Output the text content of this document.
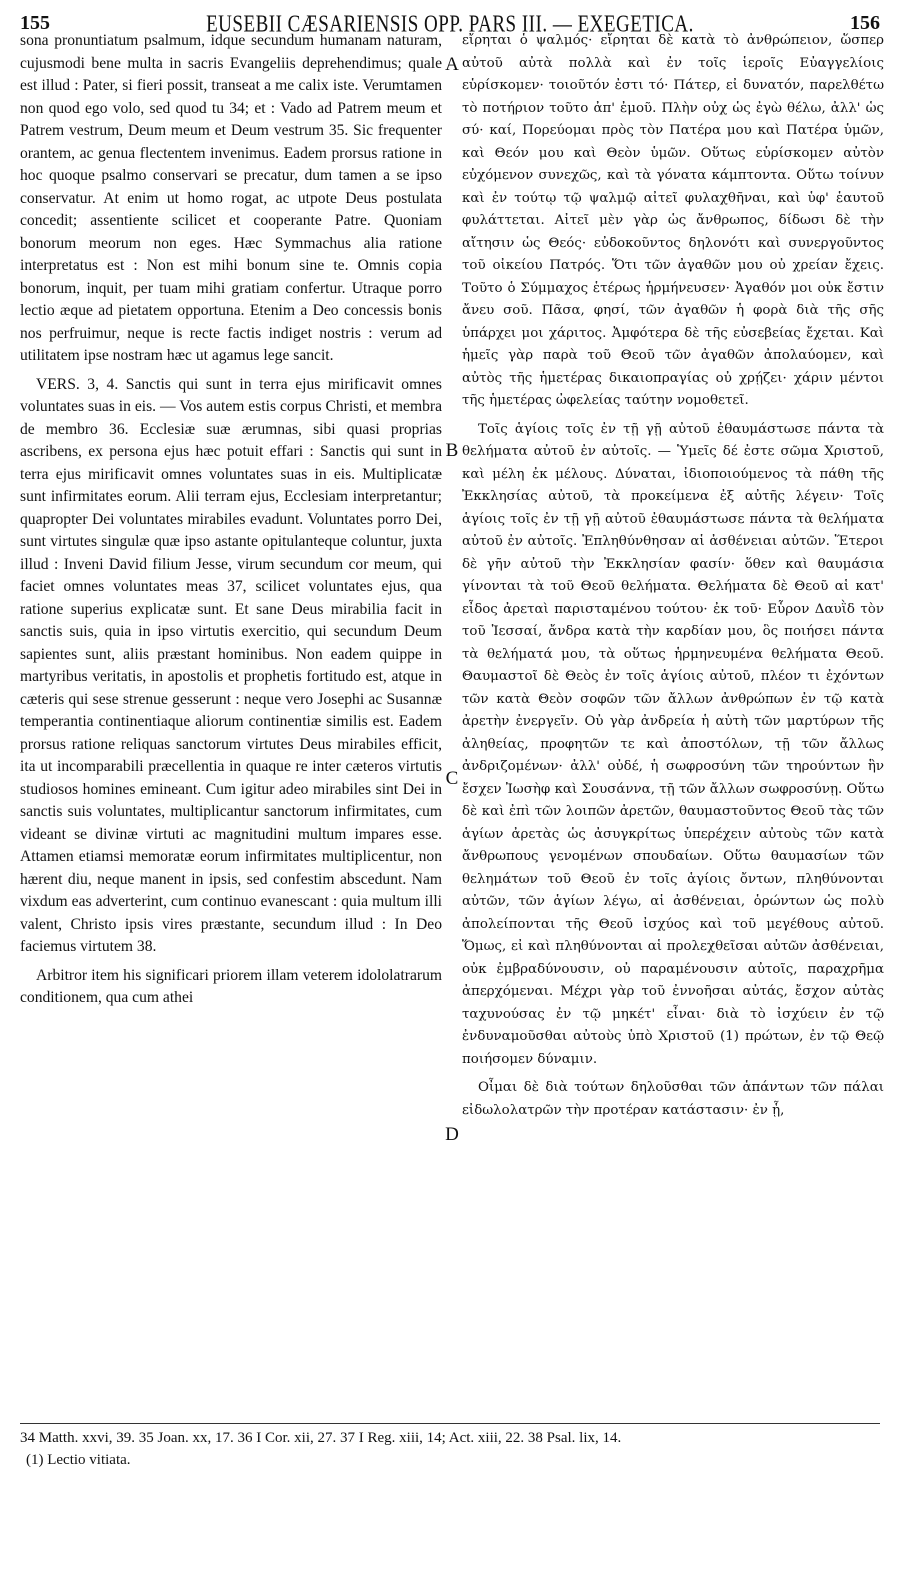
155	EUSEBII CÆSARIENSIS OPP. PARS III. — EXEGETICA.	156

sona pronuntiatum psalmum, idque secundum humanam naturam, cujusmodi bene multa in sacris Evangeliis deprehendimus; quale est illud : Pater, si fieri possit, transeat a me calix iste. Verumtamen non quod ego volo, sed quod tu 34; et : Vado ad Patrem meum et Patrem vestrum, Deum meum et Deum vestrum 35. Sic frequenter orantem, ac genua flectentem invenimus. Eadem prorsus ratione in hoc quoque psalmo conservari se precatur, dum tamen a se ipso conservatur. At enim ut homo rogat, ac utpote Deus postulata concedit; assentiente scilicet et cooperante Patre. Quoniam bonorum meorum non eges. Hæc Symmachus alia ratione interpretatus est : Non est mihi bonum sine te. Omnis copia bonorum, inquit, per tuam mihi gratiam confertur. Utraque porro lectio æque ad pietatem opportuna. Etenim a Deo concessis bonis nos perfruimur, neque is recte factis indiget nostris : verum ad utilitatem ipse nostram hæc ut agamus lege sancit.

VERS. 3, 4. Sanctis qui sunt in terra ejus mirificavit omnes voluntates suas in eis. — Vos autem estis corpus Christi, et membra de membro 36. Ecclesiæ suæ ærumnas, sibi quasi proprias ascribens, ex persona ejus hæc potuit effari : Sanctis qui sunt in terra ejus mirificavit omnes voluntates suas in eis. Multiplicatæ sunt infirmitates eorum. Alii terram ejus, Ecclesiam interpretantur; quapropter Dei voluntates mirabiles evadunt. Voluntates porro Dei, sunt virtutes singulæ quæ ipso astante opitulanteque coluntur, juxta illud : Inveni David filium Jesse, virum secundum cor meum, qui faciet omnes voluntates meas 37, scilicet voluntates ejus, qua ratione superius explicatæ sunt. Et sane Deus mirabilia facit in sanctis suis, quia in ipso virtutis exercitio, qui secundum Deum sapientes sunt, aliis præstant hominibus. Non eadem quippe in martyribus veritatis, in apostolis et prophetis fortitudo est, atque in cæteris qui sese strenue gesserunt : neque vero Josephi ac Susannæ temperantia continentiaque aliorum continentiæ similis est. Eadem prorsus ratione reliquas sanctorum virtutes Deus mirabiles efficit, ita ut incomparabili præcellentia in quaque re inter cæteros virtutis studiosos homines emineant. Cum igitur adeo mirabiles sint Dei in sanctis suis voluntates, multiplicantur sanctorum infirmitates, cum videant se divinæ virtuti ac magnitudini multum impares esse. Attamen etiamsi memoratæ eorum infirmitates multiplicentur, non hærent diu, neque manent in ipsis, sed confestim abscedunt. Nam vixdum eas adverterint, cum continuo evanescant : quia multum illi valent, Christo ipsis vires præstante, secundum illud : In Deo faciemus virtutem 38.

Arbitror item his significari priorem illam veterem idololatrarum conditionem, qua cum athei

A
B
C
D

εἴρηται ὁ ψαλμός· εἴρηται δὲ κατὰ τὸ ἀνθρώπειον, ὥσπερ αὐτοῦ αὐτὰ πολλὰ καὶ ἐν τοῖς ἱεροῖς Εὐαγγελίοις εὑρίσκομεν· τοιοῦτόν ἐστι τό· Πάτερ, εἰ δυνατόν, παρελθέτω τὸ ποτήριον τοῦτο ἀπ' ἐμοῦ. Πλὴν οὐχ ὡς ἐγὼ θέλω, ἀλλ' ὡς σύ· καί, Πορεύομαι πρὸς τὸν Πατέρα μου καὶ Πατέρα ὑμῶν, καὶ Θεόν μου καὶ Θεὸν ὑμῶν. Οὕτως εὑρίσκομεν αὐτὸν εὐχόμενον συνεχῶς, καὶ τὰ γόνατα κάμπτοντα. Οὕτω τοίνυν καὶ ἐν τούτῳ τῷ ψαλμῷ αἰτεῖ φυλαχθῆναι, καὶ ὑφ' ἑαυτοῦ φυλάττεται. Αἰτεῖ μὲν γὰρ ὡς ἄνθρωπος, δίδωσι δὲ τὴν αἴτησιν ὡς Θεός· εὐδοκοῦντος δηλονότι καὶ συνεργοῦντος τοῦ οἰκείου Πατρός. Ὅτι τῶν ἀγαθῶν μου οὐ χρείαν ἔχεις. Τοῦτο ὁ Σύμμαχος ἑτέρως ἡρμήνευσεν· Ἀγαθόν μοι οὐκ ἔστιν ἄνευ σοῦ. Πᾶσα, φησί, τῶν ἀγαθῶν ἡ φορὰ διὰ τῆς σῆς ὑπάρχει μοι χάριτος. Ἀμφότερα δὲ τῆς εὐσεβείας ἔχεται. Καὶ ἡμεῖς γὰρ παρὰ τοῦ Θεοῦ τῶν ἀγαθῶν ἀπολαύομεν, καὶ αὐτὸς τῆς ἡμετέρας δικαιοπραγίας οὐ χρῄζει· χάριν μέντοι τῆς ἡμετέρας ὠφελείας ταύτην νομοθετεῖ.

Τοῖς ἁγίοις τοῖς ἐν τῇ γῇ αὐτοῦ ἐθαυμάστωσε πάντα τὰ θελήματα αὐτοῦ ἐν αὐτοῖς. — Ὑμεῖς δέ ἐστε σῶμα Χριστοῦ, καὶ μέλη ἐκ μέλους. Δύναται, ἰδιοποιούμενος τὰ πάθη τῆς Ἐκκλησίας αὐτοῦ, τὰ προκείμενα ἐξ αὐτῆς λέγειν· Τοῖς ἁγίοις τοῖς ἐν τῇ γῇ αὐτοῦ ἐθαυμάστωσε πάντα τὰ θελήματα αὐτοῦ ἐν αὐτοῖς. Ἐπληθύνθησαν αἱ ἀσθένειαι αὐτῶν. Ἕτεροι δὲ γῆν αὐτοῦ τὴν Ἐκκλησίαν φασίν· ὅθεν καὶ θαυμάσια γίνονται τὰ τοῦ Θεοῦ θελήματα. Θελήματα δὲ Θεοῦ αἱ κατ' εἶδος ἀρεταὶ παρισταμένου τούτου· ἐκ τοῦ· Εὗρον Δαυῒδ τὸν τοῦ Ἰεσσαί, ἄνδρα κατὰ τὴν καρδίαν μου, ὃς ποιήσει πάντα τὰ θελήματά μου, τὰ οὕτως ἡρμηνευμένα θελήματα Θεοῦ. Θαυμαστοῖ δὲ Θεὸς ἐν τοῖς ἁγίοις αὐτοῦ, πλέον τι ἐχόντων τῶν κατὰ Θεὸν σοφῶν τῶν ἄλλων ἀνθρώπων ἐν τῷ κατὰ ἀρετὴν ἐνεργεῖν. Οὐ γὰρ ἀνδρεία ἡ αὐτὴ τῶν μαρτύρων τῆς ἀληθείας, προφητῶν τε καὶ ἀποστόλων, τῇ τῶν ἄλλως ἀνδριζομένων· ἀλλ' οὐδέ, ἡ σωφροσύνη τῶν τηρούντων ἣν ἔσχεν Ἰωσὴφ καὶ Σουσάννα, τῇ τῶν ἄλλων σωφροσύνῃ. Οὕτω δὲ καὶ ἐπὶ τῶν λοιπῶν ἀρετῶν, θαυμαστοῦντος Θεοῦ τὰς τῶν ἁγίων ἀρετὰς ὡς ἀσυγκρίτως ὑπερέχειν αὐτοὺς τῶν κατὰ ἄνθρωπους γενομένων σπουδαίων. Οὕτω θαυμασίων τῶν θελημάτων τοῦ Θεοῦ ἐν τοῖς ἁγίοις ὄντων, πληθύνονται αὐτῶν, τῶν ἁγίων λέγω, αἱ ἀσθένειαι, ὁρώντων ὡς πολὺ ἀπολείπονται τῆς Θεοῦ ἰσχύος καὶ τοῦ μεγέθους αὐτοῦ. Ὅμως, εἰ καὶ πληθύνονται αἱ προλεχθεῖσαι αὐτῶν ἀσθένειαι, οὐκ ἐμβραδύνουσιν, οὐ παραμένουσιν αὐτοῖς, παραχρῆμα ἀπερχόμεναι. Μέχρι γὰρ τοῦ ἐννοῆσαι αὐτάς, ἔσχον αὐτὰς ταχυνούσας ἐν τῷ μηκέτ' εἶναι· διὰ τὸ ἰσχύειν ἐν τῷ ἐνδυναμοῦσθαι αὐτοὺς ὑπὸ Χριστοῦ (1) πρώτων, ἐν τῷ Θεῷ ποιήσομεν δύναμιν.

Οἶμαι δὲ διὰ τούτων δηλοῦσθαι τῶν ἁπάντων τῶν πάλαι εἰδωλολατρῶν τὴν προτέραν κατάστασιν· ἐν ᾗ,

34 Matth. xxvi, 39. 35 Joan. xx, 17. 36 I Cor. xii, 27. 37 I Reg. xiii, 14; Act. xiii, 22. 38 Psal. lix, 14.

(1) Lectio vitiata.
